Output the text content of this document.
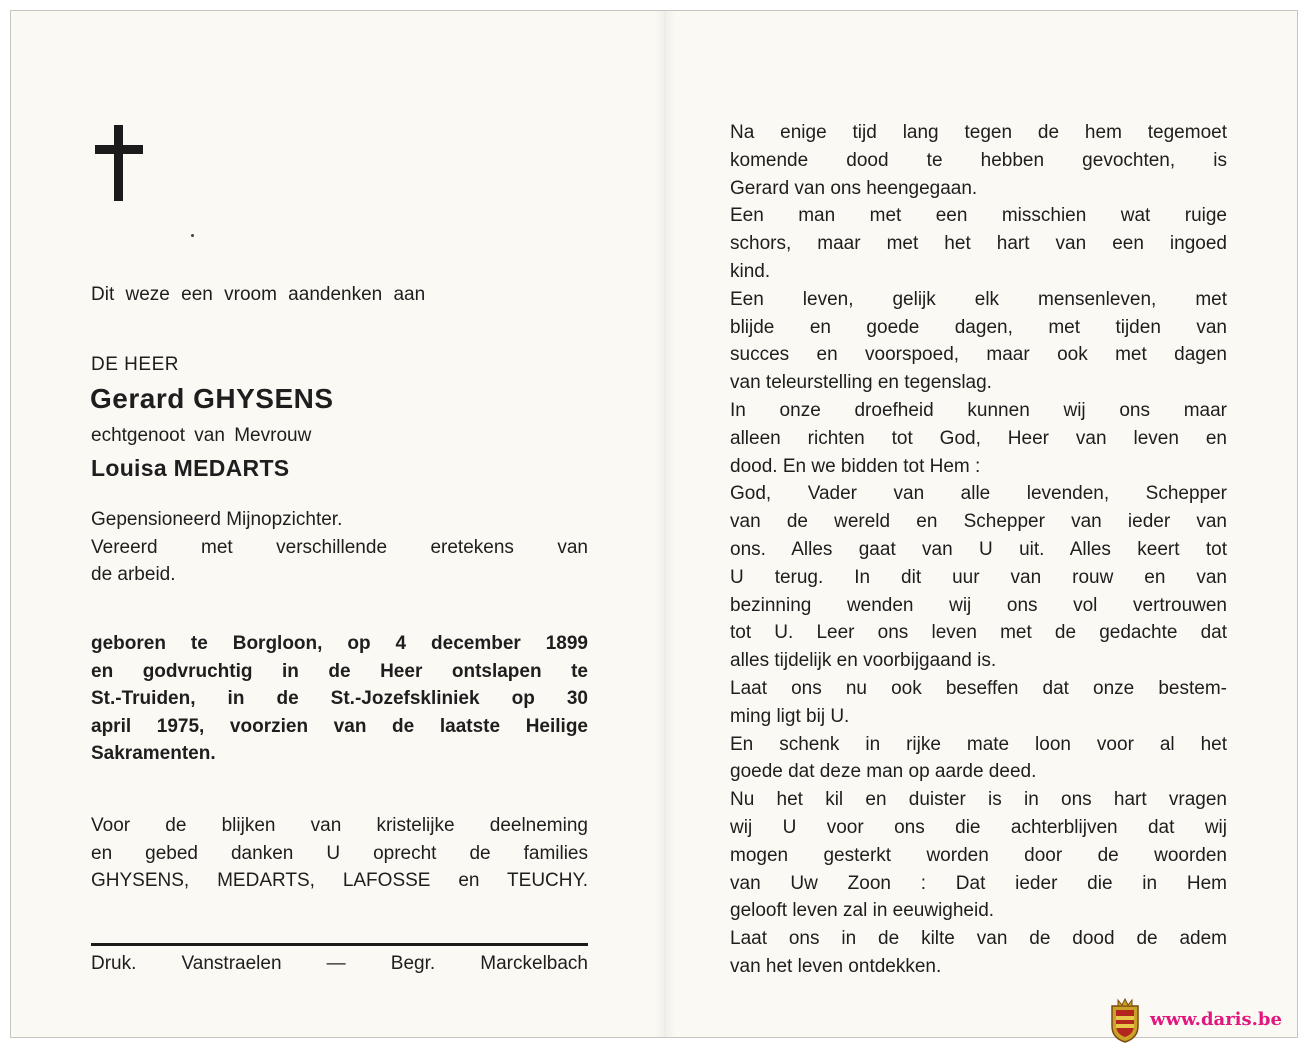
Dit weze een vroom aandenken aan

DE HEER

Gerard GHYSENS

echtgenoot van Mevrouw

Louisa MEDARTS

Gepensioneerd Mijnopzichter.
Vereerd met verschillende eretekens van
de arbeid.
geboren te Borgloon, op 4 december 1899
en godvruchtig in de Heer ontslapen te
St.-Truiden, in de St.-Jozefskliniek op 30
april 1975, voorzien van de laatste Heilige
Sakramenten.
Voor de blijken van kristelijke deelneming
en gebed danken U oprecht de families
GHYSENS, MEDARTS, LAFOSSE en TEUCHY.
Druk. Vanstraelen — Begr. Marckelbach
Na enige tijd lang tegen de hem tegemoet
komende dood te hebben gevochten, is
Gerard van ons heengegaan.
Een man met een misschien wat ruige
schors, maar met het hart van een ingoed
kind.
Een leven, gelijk elk mensenleven, met
blijde en goede dagen, met tijden van
succes en voorspoed, maar ook met dagen
van teleurstelling en tegenslag.
In onze droefheid kunnen wij ons maar
alleen richten tot God, Heer van leven en
dood. En we bidden tot Hem :
God, Vader van alle levenden, Schepper
van de wereld en Schepper van ieder van
ons. Alles gaat van U uit. Alles keert tot
U terug. In dit uur van rouw en van
bezinning wenden wij ons vol vertrouwen
tot U. Leer ons leven met de gedachte dat
alles tijdelijk en voorbijgaand is.
Laat ons nu ook beseffen dat onze bestem-
ming ligt bij U.
En schenk in rijke mate loon voor al het
goede dat deze man op aarde deed.
Nu het kil en duister is in ons hart vragen
wij U voor ons die achterblijven dat wij
mogen gesterkt worden door de woorden
van Uw Zoon : Dat ieder die in Hem
gelooft leven zal in eeuwigheid.
Laat ons in de kilte van de dood de adem
van het leven ontdekken.
www.daris.be
